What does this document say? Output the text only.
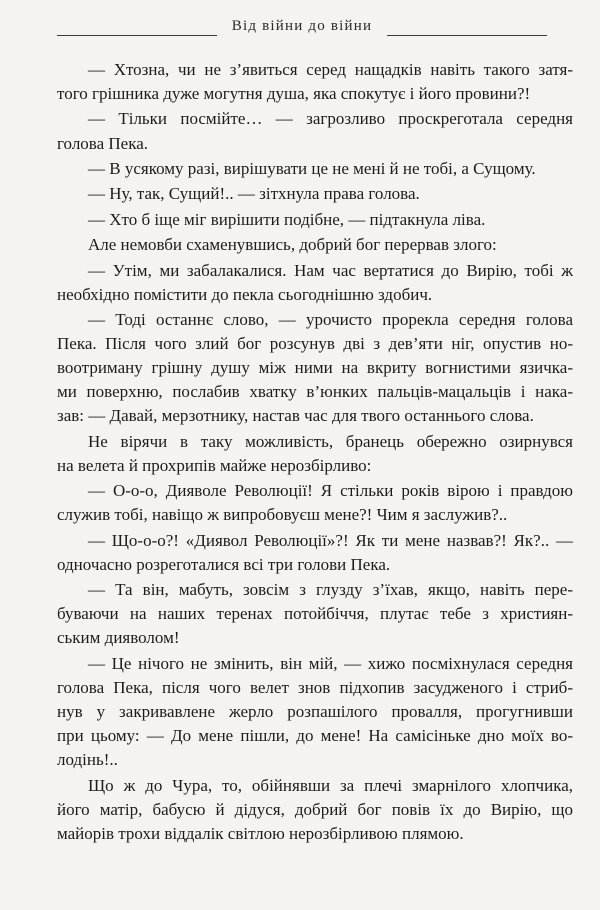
Від війни до війни
— Хтозна, чи не з’явиться серед нащадків навіть такого затя-
того грішника дуже могутня душа, яка спокутує і його провини?!
— Тільки посмійте… — загрозливо проскреготала середня
голова Пека.
— В усякому разі, вирішувати це не мені й не тобі, а Сущому.
— Ну, так, Сущий!.. — зітхнула права голова.
— Хто б іще міг вирішити подібне, — підтакнула ліва.
Але немовби схаменувшись, добрий бог перервав злого:
— Утім, ми забалакалися. Нам час вертатися до Вирію, тобі ж
необхідно помістити до пекла сьогоднішню здобич.
— Тоді останнє слово, — урочисто прорекла середня голова
Пека. Після чого злий бог розсунув дві з дев’яти ніг, опустив но-
воотриману грішну душу між ними на вкриту вогнистими язичка-
ми поверхню, послабив хватку в’юнких пальців-мацальців і нака-
зав: — Давай, мерзотнику, настав час для твого останнього слова.
Не вірячи в таку можливість, бранець обережно озирнувся
на велета й прохрипів майже нерозбірливо:
— О-о-о, Дияволе Революції! Я стільки років вірою і правдою
служив тобі, навіщо ж випробовуєш мене?! Чим я заслужив?..
— Що-о-о?! «Диявол Революції»?! Як ти мене назвав?! Як?.. —
одночасно розреготалися всі три голови Пека.
— Та він, мабуть, зовсім з глузду з’їхав, якщо, навіть пере-
буваючи на наших теренах потойбіччя, плутає тебе з християн-
ським дияволом!
— Це нічого не змінить, він мій, — хижо посміхнулася середня
голова Пека, після чого велет знов підхопив засудженого і стриб-
нув у закривавлене жерло розпашілого провалля, прогугнивши
при цьому: — До мене пішли, до мене! На самісіньке дно моїх во-
лодінь!..
Що ж до Чура, то, обійнявши за плечі змарнілого хлопчика,
його матір, бабусю й дідуся, добрий бог повів їх до Вирію, що
майорів трохи віддалік світлою нерозбірливою плямою.
